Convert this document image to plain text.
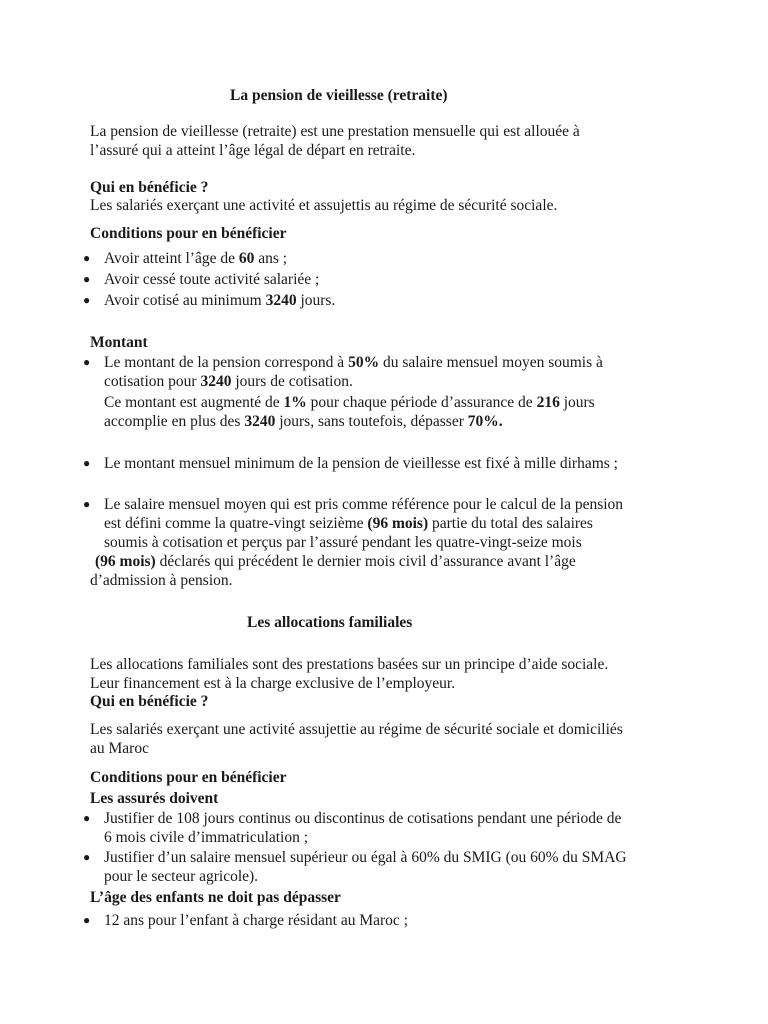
La pension de vieillesse (retraite)

La pension de vieillesse (retraite) est une prestation mensuelle qui est allouée à
l’assuré qui a atteint l’âge légal de départ en retraite.

Qui en bénéficie ?

Les salariés exerçant une activité et assujettis au régime de sécurité sociale.

Conditions pour en bénéficier

● Avoir atteint l’âge de 60 ans ;
● Avoir cessé toute activité salariée ;
● Avoir cotisé au minimum 3240 jours.

Montant

● Le montant de la pension correspond à 50% du salaire mensuel moyen soumis à
cotisation pour 3240 jours de cotisation.
Ce montant est augmenté de 1% pour chaque période d’assurance de 216 jours
accomplie en plus des 3240 jours, sans toutefois, dépasser 70%.
● Le montant mensuel minimum de la pension de vieillesse est fixé à mille dirhams ;
● Le salaire mensuel moyen qui est pris comme référence pour le calcul de la pension
est défini comme la quatre-vingt seizième (96 mois) partie du total des salaires
soumis à cotisation et perçus par l’assuré pendant les quatre-vingt-seize mois
(96 mois) déclarés qui précédent le dernier mois civil d’assurance avant l’âge
d’admission à pension.

Les allocations familiales

Les allocations familiales sont des prestations basées sur un principe d’aide sociale.
Leur financement est à la charge exclusive de l’employeur.

Qui en bénéficie ?

Les salariés exerçant une activité assujettie au régime de sécurité sociale et domiciliés
au Maroc

Conditions pour en bénéficier

Les assurés doivent

● Justifier de 108 jours continus ou discontinus de cotisations pendant une période de
6 mois civile d’immatriculation ;
● Justifier d’un salaire mensuel supérieur ou égal à 60% du SMIG (ou 60% du SMAG
pour le secteur agricole).

L’âge des enfants ne doit pas dépasser

● 12 ans pour l’enfant à charge résidant au Maroc ;
